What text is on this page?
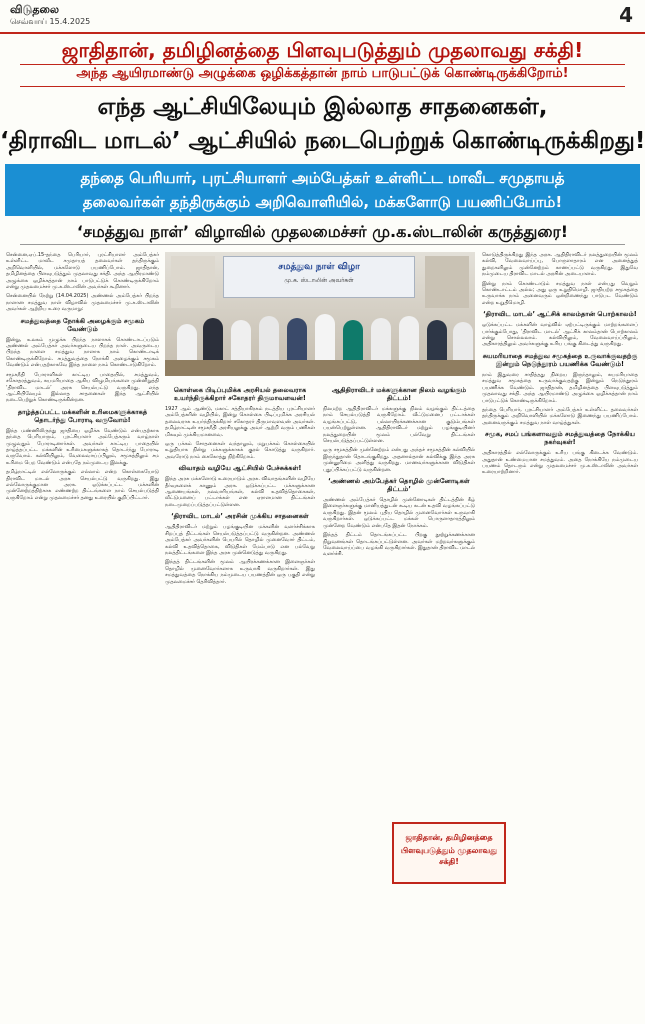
விடுதலை
செவ்வாய் 15.4.2025	4
ஜாதிதான், தமிழினத்தை பிளவுபடுத்தும் முதலாவது சக்தி!
அந்த ஆயிரமாண்டு அழுக்கை ஒழிக்கத்தான் நாம் பாடுபட்டுக் கொண்டிருக்கிறோம்!
எந்த ஆட்சியிலேயும் இல்லாத சாதனைகள்,
‘திராவிட மாடல்’ ஆட்சியில் நடைபெற்றுக் கொண்டிருக்கிறது!
தந்தை பெரியார், புரட்சியாளர் அம்பேத்கர் உள்ளிட்ட மாவீட சமுதாயத்
தலைவர்கள் தந்திருக்கும் அறிவொளியில், மக்களோடு பயணிப்போம்!
‘சமத்துவ நாள்’ விழாவில் முதலமைச்சர் மு.க.ஸ்டாலின் கருத்துரை!
சமத்துவ நாள் விழா
மு.க. ஸ்டாலின் அவர்கள்

சென்னை,ஏப்.15-தந்தை பெரியார், புரட்சியாளர் அம்பேத்கர் உள்ளிட்ட மாவீட சமுதாயத் தலைவர்கள் தந்திருக்கும் அறிவொளியில், மக்களோடு பயணிப்போம். ஜாதிதான், தமிழினத்தை பிளவுபடுத்தும் முதலாவது சக்தி. அந்த ஆயிரமாண்டு அழுக்கை ஒழிக்கத்தான் நாம் பாடுபட்டுக் கொண்டிருக்கிறோம் என்று முதலமைச்சர் மு.க.ஸ்டாலின் அவர்கள் கூறினார்.

சென்னையில் நேற்று (14.04.2025) அண்ணல் அம்பேத்கர் பிறந்த நாளான சமத்துவ நாள் விழாவில் முதலமைச்சர் மு.க.ஸ்டாலின் அவர்கள் ஆற்றிய உரை வருமாறு:

சமத்துவத்தை நோக்கி அழைக்கும் சமூகம் வேண்டும்

இன்று, உலகம் முழுக்க பிறந்த நாளாகக் கொண்டாடப்படும் அண்ணல் அம்பேத்கர் அவர்களுடைய பிறந்த நாள். அவருடைய பிறந்த நாளை சமத்துவ நாளாக நாம் கொண்டாடிக் கொண்டிருக்கிறோம். சமத்துவத்தை நோக்கி அழைக்கும் சமூகம் வேண்டும் என்பதற்காகவே இந்த நாளை நாம் கொண்டாடுகிறோம்.

சமூகநீதி போராளிகள் காட்டிய பாதையில், சமத்துவம், சகோதரத்துவம், சுயமரியாதை ஆகிய விழுமியங்களை முன்னிறுத்தி ‘திராவிட மாடல்’ அரசு செயல்பட்டு வருகிறது. எந்த ஆட்சியிலேயும் இல்லாத சாதனைகள் இந்த ஆட்சியில் நடைபெற்றுக் கொண்டிருக்கின்றன.

தாழ்த்தப்பட்ட மக்களின் உரிமைகளுக்காகத் தொடர்ந்து போராடி வருவோம்!

இந்த மண்ணிலிருந்து ஜாதியை ஒழிக்க வேண்டும் என்பதற்காக தந்தை பெரியாரும், புரட்சியாளர் அம்பேத்கரும் வாழ்நாள் முழுவதும் போராடினார்கள். அவர்கள் காட்டிய பாதையில் தாழ்த்தப்பட்ட மக்களின் உரிமைகளுக்காகத் தொடர்ந்து போராடி வருவோம். கல்வியிலும், வேலைவாய்ப்பிலும், சமூகத்திலும் சம உரிமை பெற வேண்டும் என்பதே நம்முடைய இலக்கு.

தமிழ்நாட்டில் எல்லோருக்கும் எல்லாம் என்ற கொள்கையோடு திராவிட மாடல் அரசு செயல்பட்டு வருகிறது. இது எல்லோருக்குமான அரசு. ஒடுக்கப்பட்ட மக்களின் முன்னேற்றத்திற்காக எண்ணற்ற திட்டங்களை நாம் செயல்படுத்தி வருகிறோம் என்று முதலமைச்சர் தனது உரையில் குறிப்பிட்டார்.

கொள்கை பிடிப்புமிக்க அரசியல் தலைவராக உயர்ந்திருக்கிறார் சகோதரர் திருமாவளவன்!

1927 ஆம் ஆண்டு, மகாட் சத்தியாகிரகம் நடத்திய புரட்சியாளர் அம்பேத்கரின் வழியில், இன்று கொள்கை பிடிப்புமிக்க அரசியல் தலைவராக உயர்ந்திருக்கிறார் சகோதரர் திருமாவளவன் அவர்கள். தமிழ்நாட்டின் சமூகநீதி அரசியலுக்கு அவர் ஆற்றி வரும் பணிகள் மிகவும் முக்கியமானவை.

ஒரு பக்கம் சோதனைகள் வந்தாலும், மறுபக்கம் கொள்கையில் உறுதியாக நின்று மக்களுக்காகக் குரல் கொடுத்து வருகிறார். அவரோடு நாம் கைகோத்து நிற்கிறோம்.

விவாதம் வழியே ஆட்சியில் பேச்சுக்கள்!

இந்த அரசு மக்களோடு உரையாடும் அரசு. விவாதங்களின் வழியே தீர்வுகளைக் காணும் அரசு. ஒடுக்கப்பட்ட மக்களுக்கான ஆணையங்கள், நலவாரியங்கள், கல்வி உதவித்தொகைகள், வீட்டுமனைப் பட்டாக்கள் என ஏராளமான திட்டங்கள் நடைமுறைப்படுத்தப்பட்டுள்ளன.

‘திராவிட மாடல்’ அரசின் முக்கிய சாதனைகள்

ஆதிதிராவிடர் மற்றும் பழங்குடியின மக்களின் வளர்ச்சிக்காக சிறப்புத் திட்டங்கள் செயல்படுத்தப்பட்டு வருகின்றன. அண்ணல் அம்பேத்கர் அவர்களின் பெயரில் தொழில் முனைவோர் திட்டம், கல்வி உதவித்தொகை, விடுதிகள் மேம்பாடு என பல்வேறு நலத்திட்டங்களை இந்த அரசு முன்னெடுத்து வருகிறது.

இந்தத் திட்டங்களின் மூலம் ஆயிரக்கணக்கான இளைஞர்கள் தொழில் முனைவோர்களாக உருவாகி வருகிறார்கள். இது சமத்துவத்தை நோக்கிய நம்முடைய பயணத்தின் ஒரு பகுதி என்று முதலமைச்சர் தெரிவித்தார்.

ஆதிதிராவிடர் மக்களுக்கான நிலம் வழங்கும் திட்டம்!

நிலமற்ற ஆதிதிராவிடர் மக்களுக்கு நிலம் வழங்கும் திட்டத்தை நாம் செயல்படுத்தி வருகிறோம். வீட்டுமனைப் பட்டாக்கள் வழங்கப்பட்டு, பல்லாயிரக்கணக்கான குடும்பங்கள் பயன்பெற்றுள்ளன. ஆதிதிராவிடர் மற்றும் பழங்குடியினர் நலத்துறையின் மூலம் பல்வேறு திட்டங்கள் செயல்படுத்தப்பட்டுள்ளன.

ஒரு சமூகத்தின் முன்னேற்றம் என்பது அந்தச் சமூகத்தின் கல்வியில் இருந்துதான் தொடங்குகிறது. அதனால்தான் கல்விக்கு இந்த அரசு முன்னுரிமை அளித்து வருகிறது. மாணவர்களுக்கான விடுதிகள் புதுப்பிக்கப்பட்டு வருகின்றன.

‘அண்ணல் அம்பேத்கர் தொழில் முன்னோடிகள் திட்டம்’

அண்ணல் அம்பேத்கர் தொழில் முன்னோடிகள் திட்டத்தின் கீழ் இளைஞர்களுக்கு மானியத்துடன் கூடிய கடன் உதவி வழங்கப்பட்டு வருகிறது. இதன் மூலம் புதிய தொழில் முனைவோர்கள் உருவாகி வருகிறார்கள். ஒடுக்கப்பட்ட மக்கள் பொருளாதாரத்திலும் முன்னேற வேண்டும் என்பதே இதன் நோக்கம்.

இந்தத் திட்டம் தொடங்கப்பட்ட பிறகு நூற்றுக்கணக்கான நிறுவனங்கள் தொடங்கப்பட்டுள்ளன. அவர்கள் மற்றவர்களுக்கும் வேலைவாய்ப்பை வழங்கி வருகிறார்கள். இதுதான் திராவிட மாடல் வளர்ச்சி.

கொடுத்திருக்கிறது இந்த அரசு. ஆதிதிராவிடர் நலத்துறையின் மூலம் கல்வி, வேலைவாய்ப்பு, பொருளாதாரம் என அனைத்துத் துறைகளிலும் முன்னேற்றம் காணப்பட்டு வருகிறது. இதுவே நம்முடைய திராவிட மாடல் அரசின் அடையாளம்.

இன்று நாம் கொண்டாடும் சமத்துவ நாள் என்பது வெறும் கொண்டாட்டம் அல்ல; அது ஒரு உறுதிமொழி. ஜாதியற்ற சமூகத்தை உருவாக்க நாம் அனைவரும் ஒன்றிணைந்து பாடுபட வேண்டும் என்ற உறுதிமொழி.

‘திராவிட மாடல்’ ஆட்சிக் காலம்தான் பொற்காலம்!

ஒடுக்கப்பட்ட மக்களின் வாழ்வில் ஏற்பட்டிருக்கும் மாற்றங்களைப் பார்க்கும்போது, ‘திராவிட மாடல்’ ஆட்சிக் காலம்தான் பொற்காலம் என்று சொல்லலாம். கல்வியிலும், வேலைவாய்ப்பிலும், அதிகாரத்திலும் அவர்களுக்கு உரிய பங்கு கிடைத்து வருகிறது.

சுயமரியாதை சமத்துவ சமூகத்தை உருவாக்குவதற்கு இன்றும் நெடுந்தூரம் பயணிக்க வேண்டும்!

நாம் இதுவரை சாதித்தது நிறைய இருந்தாலும், சுயமரியாதை சமத்துவ சமூகத்தை உருவாக்குவதற்கு இன்றும் நெடுந்தூரம் பயணிக்க வேண்டும். ஜாதிதான், தமிழினத்தை பிளவுபடுத்தும் முதலாவது சக்தி. அந்த ஆயிரமாண்டு அழுக்கை ஒழிக்கத்தான் நாம் பாடுபட்டுக் கொண்டிருக்கிறோம்.

தந்தை பெரியார், புரட்சியாளர் அம்பேத்கர் உள்ளிட்ட தலைவர்கள் தந்திருக்கும் அறிவொளியில் மக்களோடு இணைந்து பயணிப்போம். அனைவருக்கும் சமத்துவ நாள் வாழ்த்துகள்.

சமூக, சமப் பங்களாவதும் சமத்துவத்தை நோக்கிய நகர்வுகள்!

அதிகாரத்தில் எல்லோருக்கும் உரிய பங்கு கிடைக்க வேண்டும். அதுதான் உண்மையான சமத்துவம். அதை நோக்கியே நம்முடைய பயணம் தொடரும் என்று முதலமைச்சர் மு.க.ஸ்டாலின் அவர்கள் உரையாற்றினார்.

ஜாதிதான், தமிழினத்தை
பிளவுபடுத்தும் முதலாவது சக்தி!
